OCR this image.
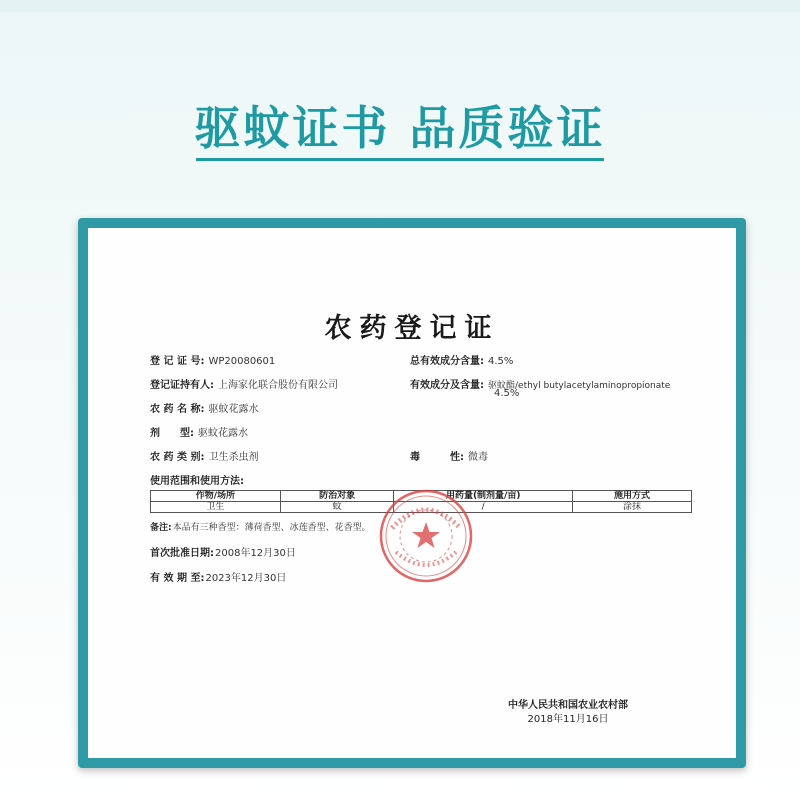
驱蚊证书 品质验证
农药登记证
登 记 证 号: WP20080601
登记证持有人: 上海家化联合股份有限公司
农 药 名 称: 驱蚊花露水
剂　　型: 驱蚊花露水
农 药 类 别: 卫生杀虫剂
总有效成分含量: 4.5%
有效成分及含量: 驱蚊酯/ethyl butylacetylaminopropionate
4.5%
毒　　　性: 微毒
使用范围和使用方法:
作物/场所	防治对象	用药量(制剂量/亩)	施用方式
卫生	蚊	/	涂抹
备注:本品有三种香型：薄荷香型、冰莲香型、花香型。
首次批准日期:2008年12月30日
有 效 期 至:2023年12月30日
中华人民共和国农业农村部
2018年11月16日
